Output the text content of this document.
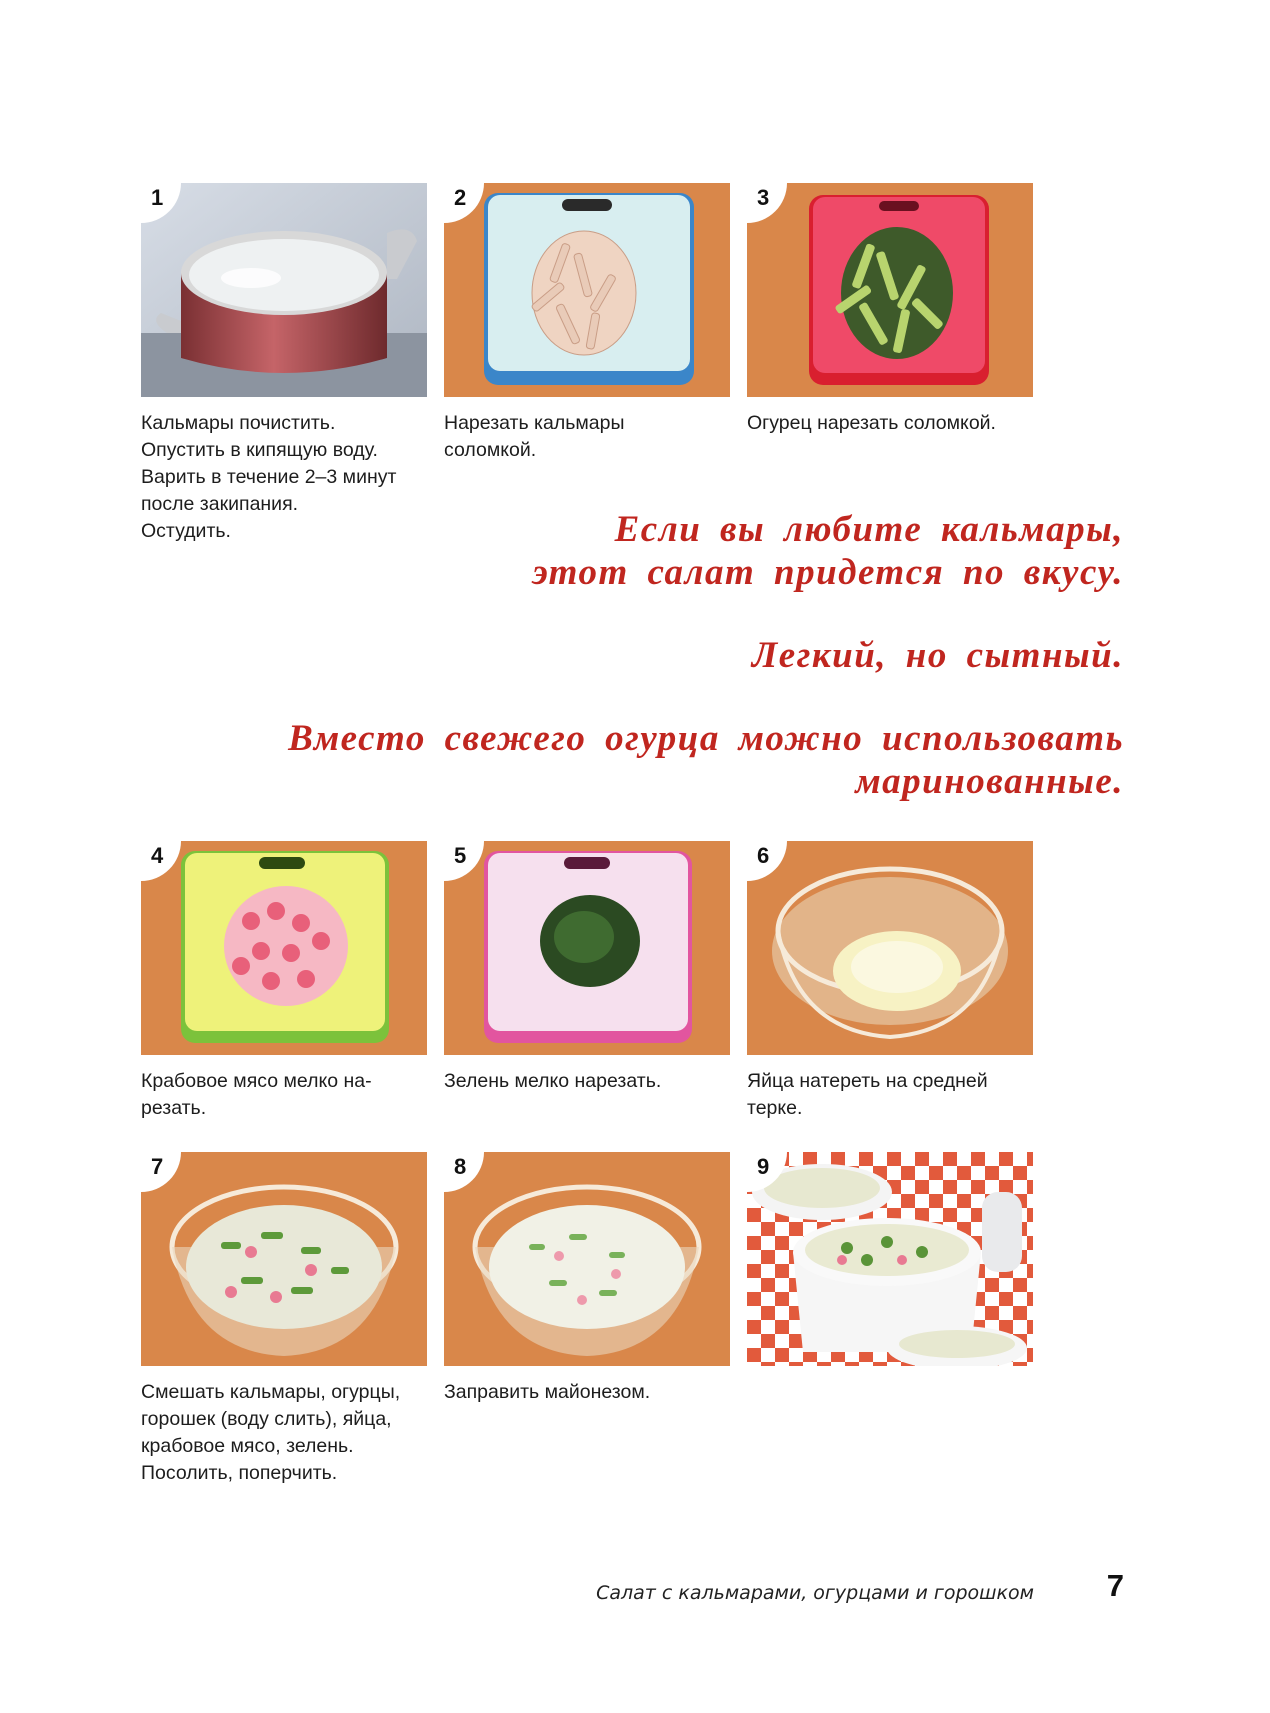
1
Кальмары почистить.
Опустить в кипящую воду.
Варить в течение 2–3 минут
после закипания.
Остудить.
2
Нарезать кальмары
соломкой.
3
Огурец нарезать соломкой.
Если вы любите кальмары,
этот салат придется по вкусу.
Легкий, но сытный.
Вместо свежего огурца можно использовать
маринованные.
4
Крабовое мясо мелко на-
резать.
5
Зелень мелко нарезать.
6
Яйца натереть на средней
терке.
7
Смешать кальмары, огурцы,
горошек (воду слить), яйца,
крабовое мясо, зелень.
Посолить, поперчить.
8
Заправить майонезом.
9
Салат с кальмарами, огурцами и горошком 7
